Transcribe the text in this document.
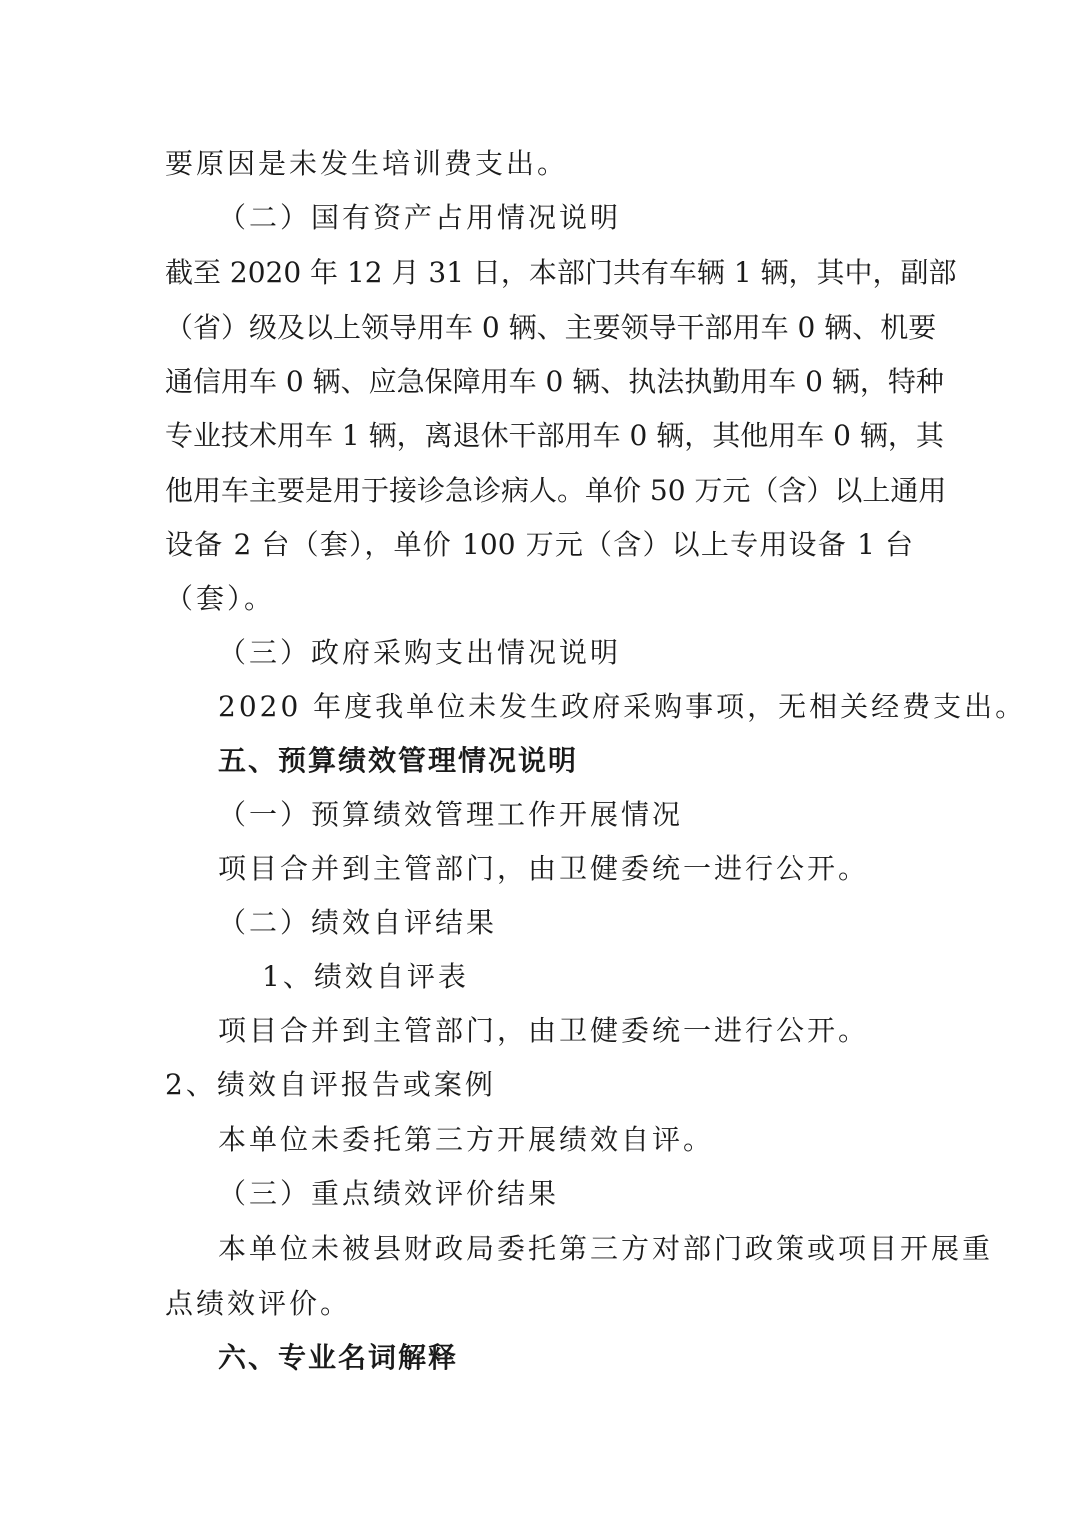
要原因是未发生培训费支出。
（二）国有资产占用情况说明
截至 2020 年 12 月 31 日，本部门共有车辆 1 辆，其中，副部
（省）级及以上领导用车 0 辆、主要领导干部用车 0 辆、机要
通信用车 0 辆、应急保障用车 0 辆、执法执勤用车 0 辆，特种
专业技术用车 1 辆，离退休干部用车 0 辆，其他用车 0 辆，其
他用车主要是用于接诊急诊病人。单价 50 万元（含）以上通用
设备 2 台（套），单价 100 万元（含）以上专用设备 1 台
（套）。
（三）政府采购支出情况说明
2020 年度我单位未发生政府采购事项，无相关经费支出。
五、预算绩效管理情况说明
（一）预算绩效管理工作开展情况
项目合并到主管部门，由卫健委统一进行公开。
（二）绩效自评结果
1、绩效自评表
项目合并到主管部门，由卫健委统一进行公开。
2、绩效自评报告或案例
本单位未委托第三方开展绩效自评。
（三）重点绩效评价结果
本单位未被县财政局委托第三方对部门政策或项目开展重
点绩效评价。
六、专业名词解释
